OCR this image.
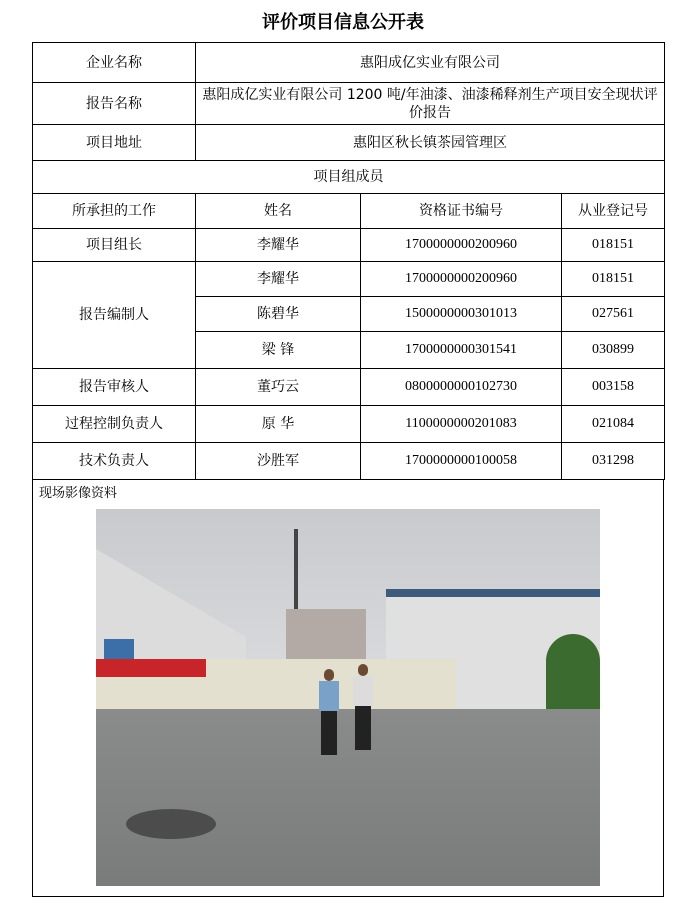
评价项目信息公开表
企业名称	惠阳成亿实业有限公司		
报告名称	惠阳成亿实业有限公司 1200 吨/年油漆、油漆稀释剂生产项目安全现状评价报告		
项目地址	惠阳区秋长镇茶园管理区		
项目组成员			
所承担的工作	姓名	资格证书编号	从业登记号
项目组长	李耀华	1700000000200960	018151
报告编制人	李耀华	1700000000200960	018151
	陈碧华	1500000000301013	027561
	梁 锋	1700000000301541	030899
报告审核人	董巧云	0800000000102730	003158
过程控制负责人	原 华	1100000000201083	021084
技术负责人	沙胜军	1700000000100058	031298
现场影像资料
